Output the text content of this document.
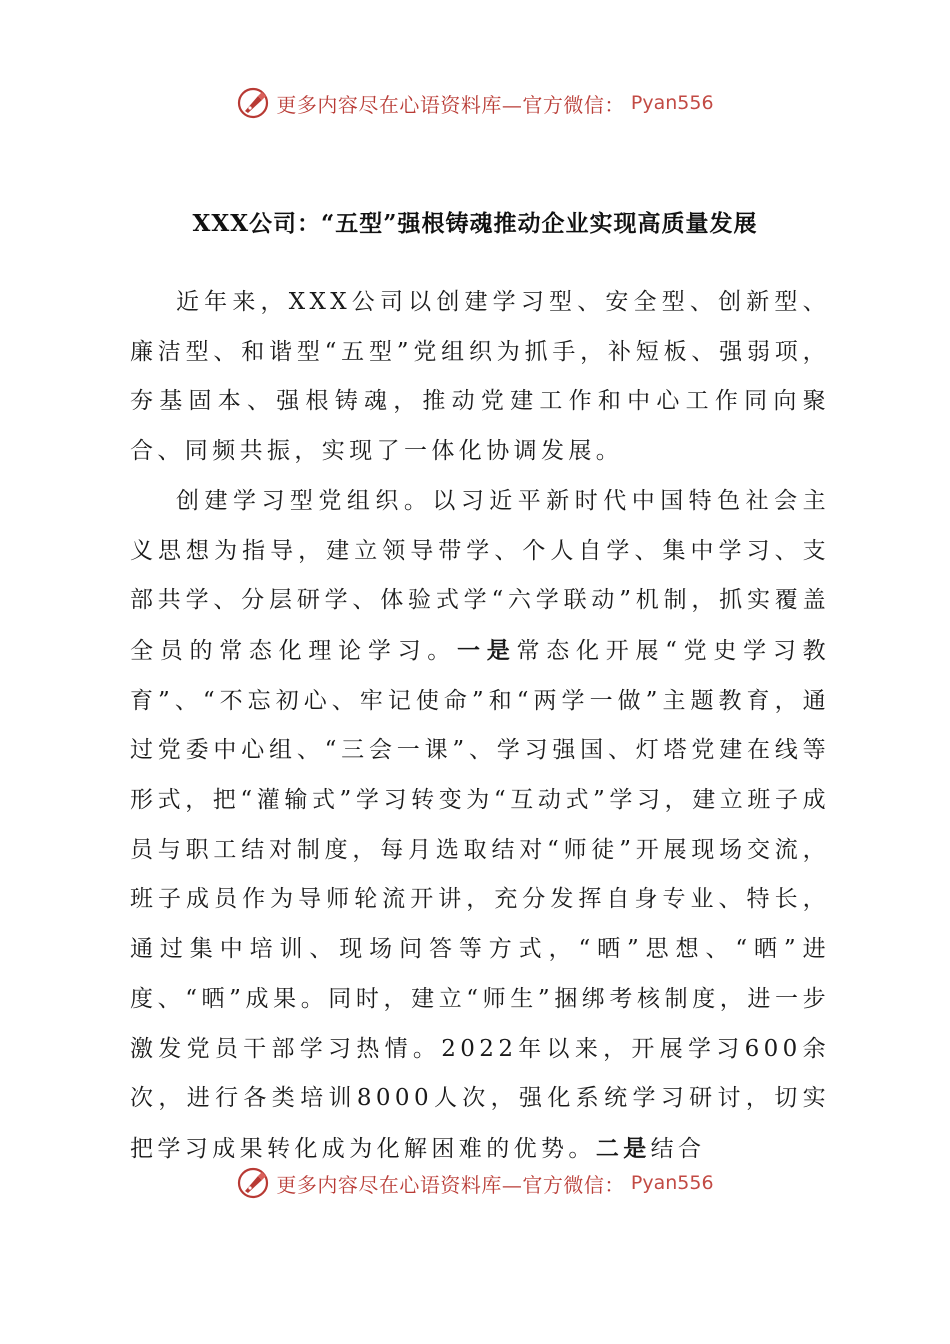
更多内容尽在心语资料库—官方微信： Pyan556
XXX公司：“五型”强根铸魂推动企业实现高质量发展

近年来，XXX公司以创建学习型、安全型、创新型、廉洁型、和谐型“五型”党组织为抓手，补短板、强弱项，夯基固本、强根铸魂，推动党建工作和中心工作同向聚合、同频共振，实现了一体化协调发展。

创建学习型党组织。以习近平新时代中国特色社会主义思想为指导，建立领导带学、个人自学、集中学习、支部共学、分层研学、体验式学“六学联动”机制，抓实覆盖全员的常态化理论学习。一是常态化开展“党史学习教育”、“不忘初心、牢记使命”和“两学一做”主题教育，通过党委中心组、“三会一课”、学习强国、灯塔党建在线等形式，把“灌输式”学习转变为“互动式”学习，建立班子成员与职工结对制度，每月选取结对“师徒”开展现场交流，班子成员作为导师轮流开讲，充分发挥自身专业、特长，通过集中培训、现场问答等方式，“晒”思想、“晒”进度、“晒”成果。同时，建立“师生”捆绑考核制度，进一步激发党员干部学习热情。2022年以来，开展学习600余次，进行各类培训8000人次，强化系统学习研讨，切实把学习成果转化成为化解困难的优势。二是结合

更多内容尽在心语资料库—官方微信： Pyan556
